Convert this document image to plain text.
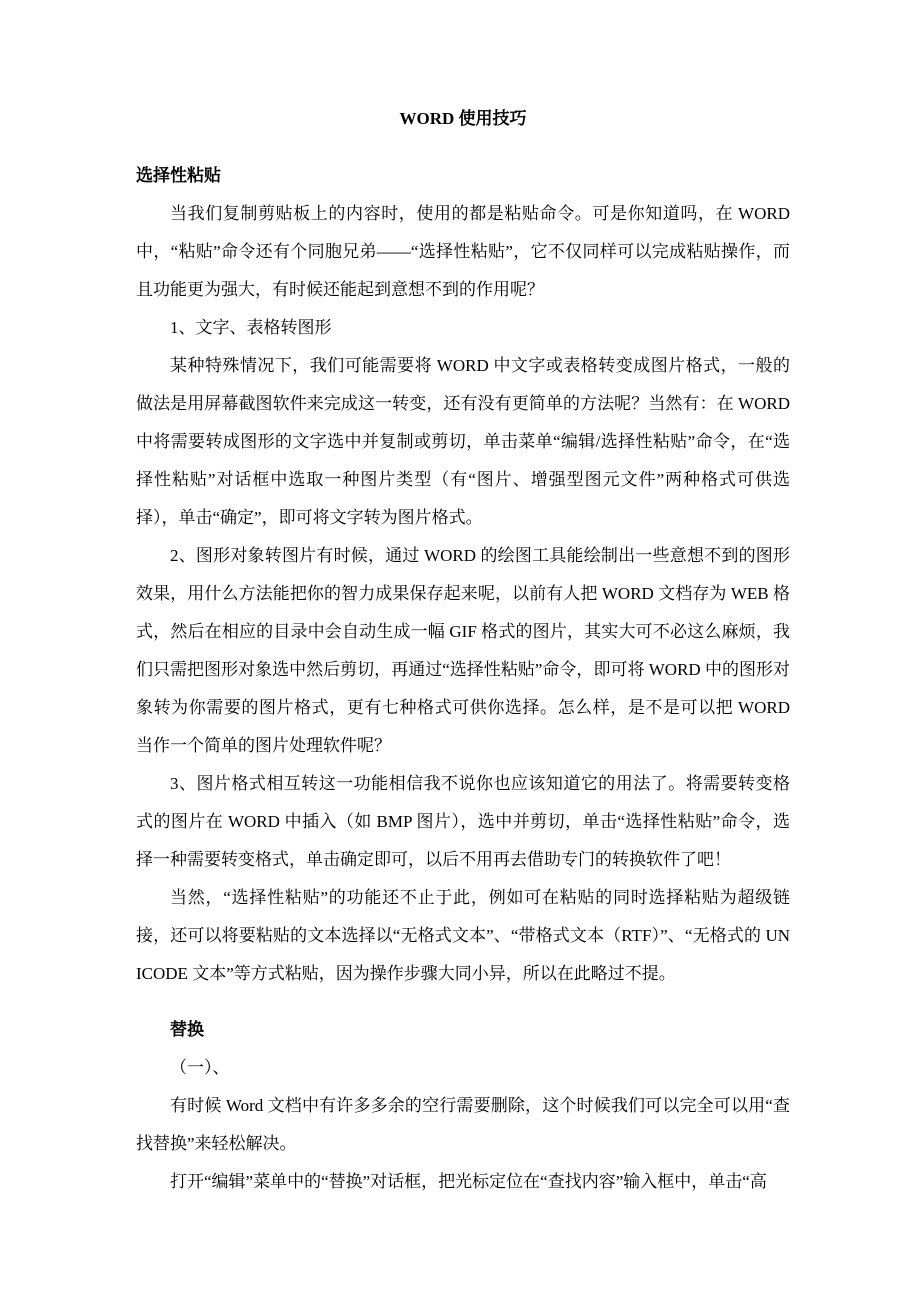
WORD 使用技巧
选择性粘贴

当我们复制剪贴板上的内容时，使用的都是粘贴命令。可是你知道吗，在 WORD 中，“粘贴”命令还有个同胞兄弟——“选择性粘贴”，它不仅同样可以完成粘贴操作，而且功能更为强大，有时候还能起到意想不到的作用呢？

1、文字、表格转图形

某种特殊情况下，我们可能需要将 WORD 中文字或表格转变成图片格式，一般的做法是用屏幕截图软件来完成这一转变，还有没有更简单的方法呢？当然有：在 WORD 中将需要转成图形的文字选中并复制或剪切，单击菜单“编辑/选择性粘贴”命令，在“选择性粘贴”对话框中选取一种图片类型（有“图片、增强型图元文件”两种格式可供选择），单击“确定”，即可将文字转为图片格式。

2、图形对象转图片有时候，通过 WORD 的绘图工具能绘制出一些意想不到的图形效果，用什么方法能把你的智力成果保存起来呢，以前有人把 WORD 文档存为 WEB 格式，然后在相应的目录中会自动生成一幅 GIF 格式的图片，其实大可不必这么麻烦，我们只需把图形对象选中然后剪切，再通过“选择性粘贴”命令，即可将 WORD 中的图形对象转为你需要的图片格式，更有七种格式可供你选择。怎么样，是不是可以把 WORD 当作一个简单的图片处理软件呢？

3、图片格式相互转这一功能相信我不说你也应该知道它的用法了。将需要转变格式的图片在 WORD 中插入（如 BMP 图片），选中并剪切，单击“选择性粘贴”命令，选择一种需要转变格式，单击确定即可，以后不用再去借助专门的转换软件了吧！

当然，“选择性粘贴”的功能还不止于此，例如可在粘贴的同时选择粘贴为超级链接，还可以将要粘贴的文本选择以“无格式文本”、“带格式文本（RTF）”、“无格式的 UNICODE 文本”等方式粘贴，因为操作步骤大同小异，所以在此略过不提。

替换

（一）、

有时候 Word 文档中有许多多余的空行需要删除，这个时候我们可以完全可以用“查找替换”来轻松解决。

打开“编辑”菜单中的“替换”对话框，把光标定位在“查找内容”输入框中，单击“高
